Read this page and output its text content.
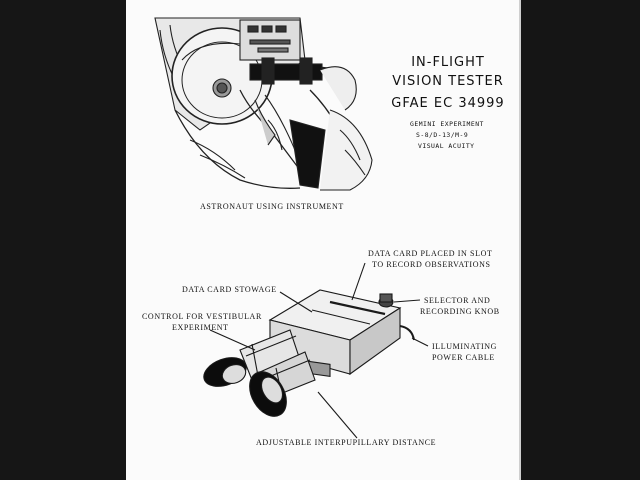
IN-FLIGHT
VISION TESTER
GFAE EC 34999
GEMINI EXPERIMENT
S-8/D-13/M-9
VISUAL ACUITY
ASTRONAUT USING INSTRUMENT
DATA CARD PLACED IN SLOT
TO RECORD OBSERVATIONS
DATA CARD STOWAGE
SELECTOR AND
RECORDING KNOB
CONTROL FOR VESTIBULAR
EXPERIMENT
ILLUMINATING
POWER CABLE
ADJUSTABLE INTERPUPILLARY DISTANCE
